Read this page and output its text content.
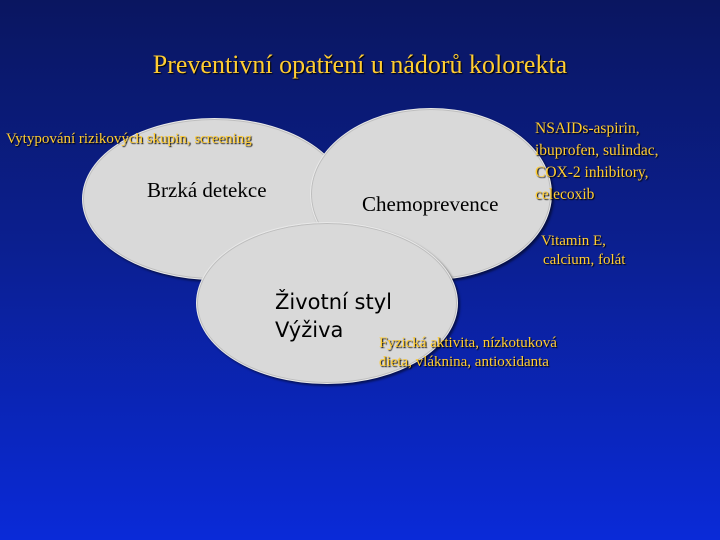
Preventivní opatření u nádorů kolorekta
Vytypování rizikových skupin, screening
Brzká detekce
Chemoprevence
Životní styl
Výživa
NSAIDs-aspirin,
ibuprofen, sulindac,
COX-2 inhibitory,
celecoxib
Vitamin E,
calcium, folát
Fyzická aktivita, nízkotuková
dieta, vláknina, antioxidanta
